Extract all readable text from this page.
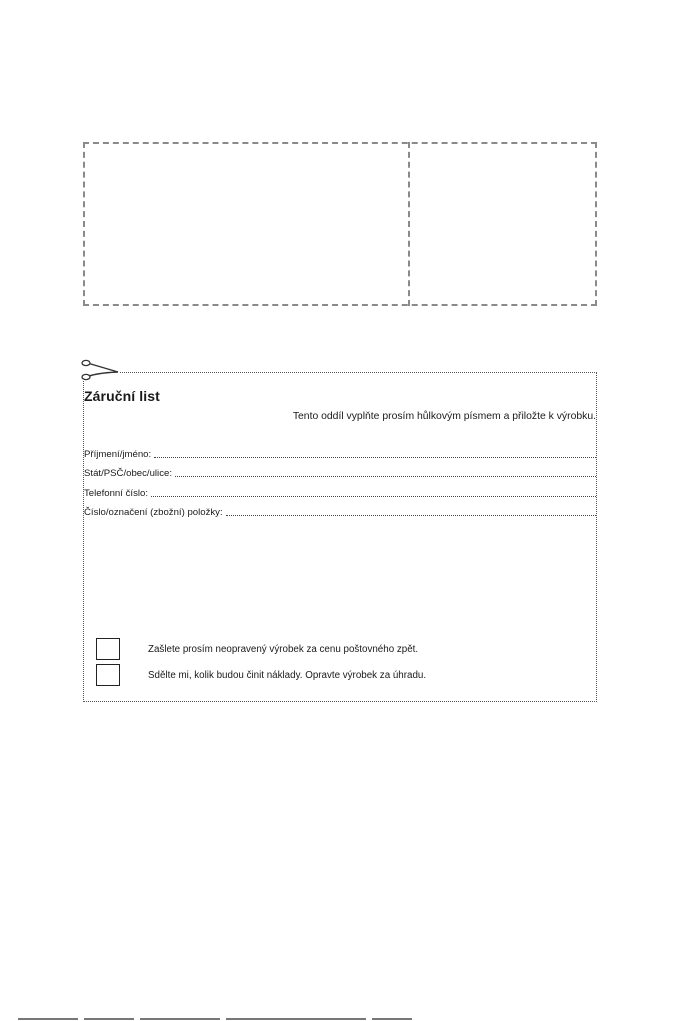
Záruční list
Tento oddíl vyplňte prosím hůlkovým písmem a přiložte k výrobku.
Příjmení/jméno:
Stát/PSČ/obec/ulice:
Telefonní číslo:
Číslo/označení (zbožní) položky:
Zašlete prosím neopravený výrobek za cenu poštovného zpět.
Sdělte mi, kolik budou činit náklady. Opravte výrobek za úhradu.
